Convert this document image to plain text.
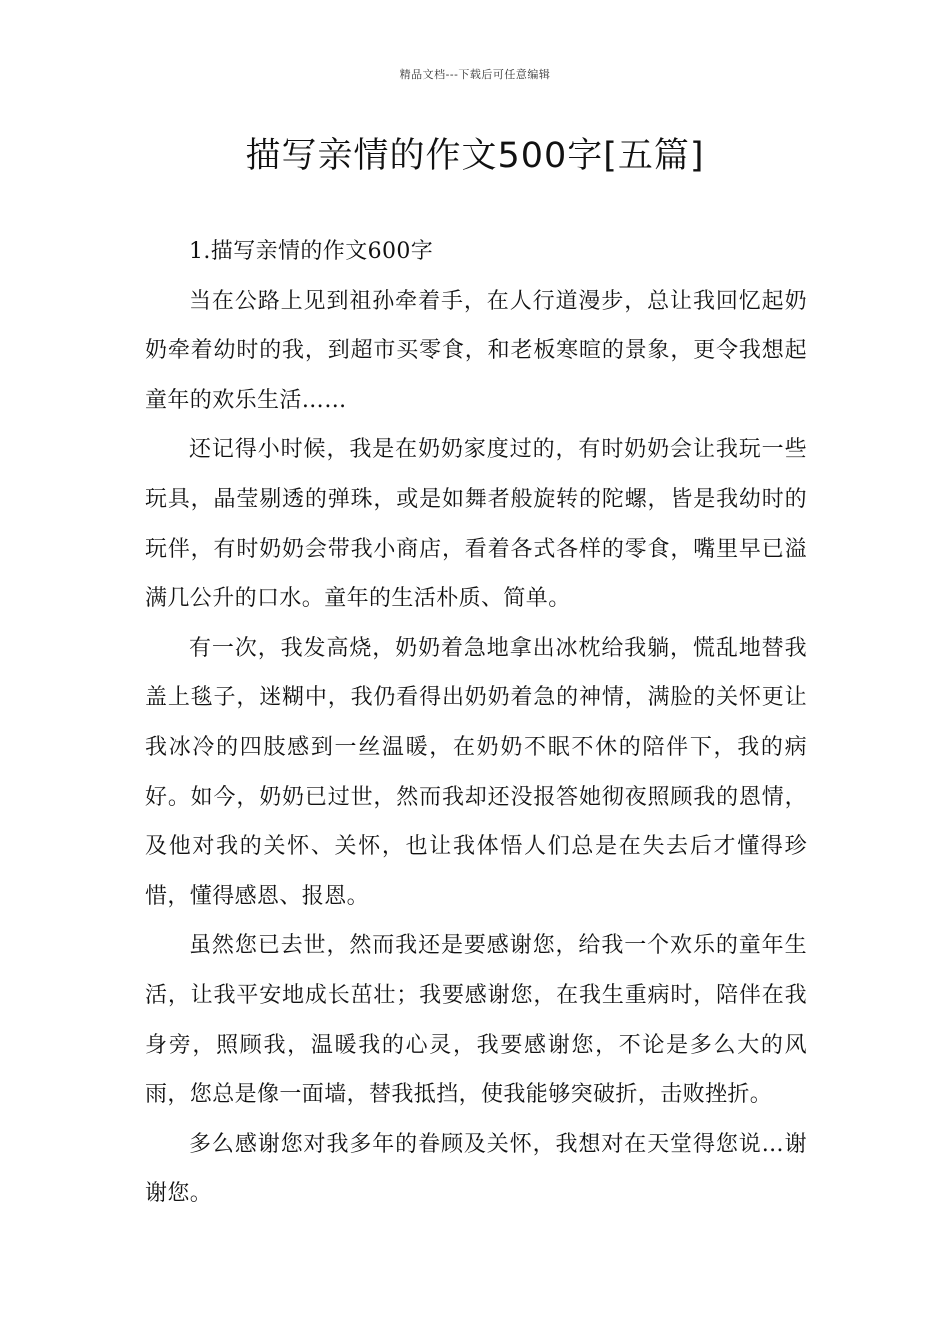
精品文档---下载后可任意编辑
描写亲情的作文500字[五篇]

1.描写亲情的作文600字

当在公路上见到祖孙牵着手，在人行道漫步，总让我回忆起奶奶牵着幼时的我，到超市买零食，和老板寒暄的景象，更令我想起童年的欢乐生活……

还记得小时候，我是在奶奶家度过的，有时奶奶会让我玩一些玩具，晶莹剔透的弹珠，或是如舞者般旋转的陀螺，皆是我幼时的玩伴，有时奶奶会带我小商店，看着各式各样的零食，嘴里早已溢满几公升的口水。童年的生活朴质、简单。

有一次，我发高烧，奶奶着急地拿出冰枕给我躺，慌乱地替我盖上毯子，迷糊中，我仍看得出奶奶着急的神情，满脸的关怀更让我冰冷的四肢感到一丝温暖，在奶奶不眠不休的陪伴下，我的病好。如今，奶奶已过世，然而我却还没报答她彻夜照顾我的恩情，及他对我的关怀、关怀，也让我体悟人们总是在失去后才懂得珍惜，懂得感恩、报恩。

虽然您已去世，然而我还是要感谢您，给我一个欢乐的童年生活，让我平安地成长茁壮；我要感谢您，在我生重病时，陪伴在我身旁，照顾我，温暖我的心灵，我要感谢您，不论是多么大的风雨，您总是像一面墙，替我抵挡，使我能够突破折，击败挫折。

多么感谢您对我多年的眷顾及关怀，我想对在天堂得您说…谢谢您。
